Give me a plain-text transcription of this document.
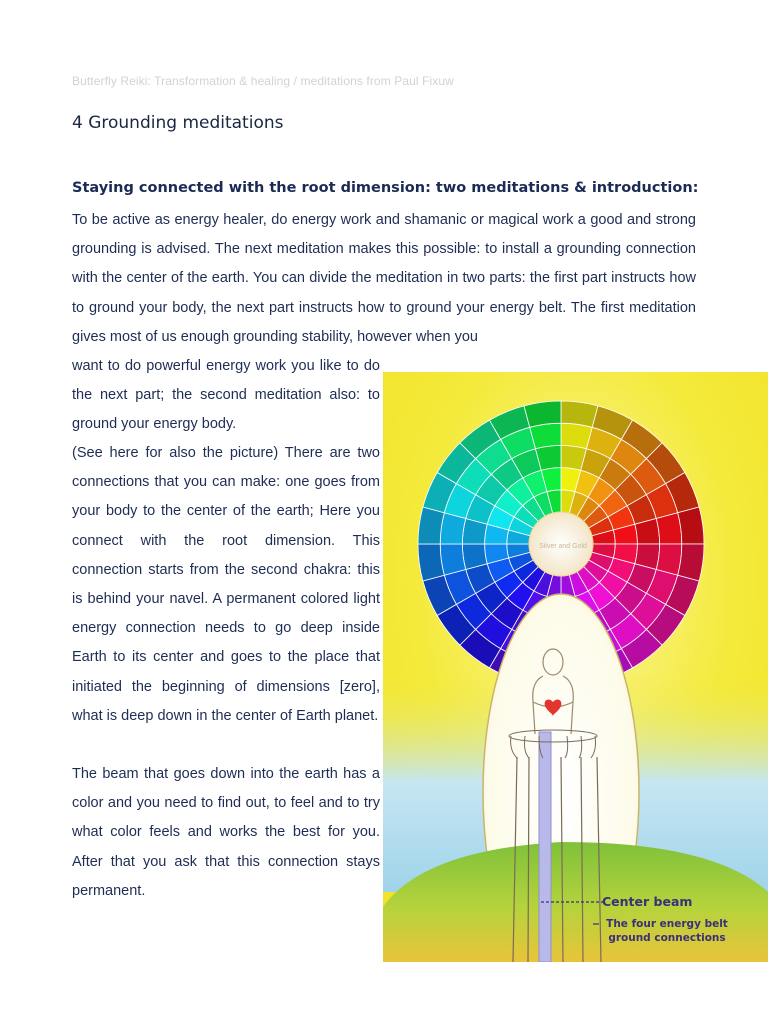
Butterfly Reiki: Transformation & healing / meditations from Paul Fixuw
4 Grounding meditations
Staying connected with the root dimension: two meditations & introduction:

To be active as energy healer, do energy work and shamanic or magical work a good and strong grounding is advised. The next meditation makes this possible: to install a grounding connection with the center of the earth. You can divide the meditation in two parts: the first part instructs how to ground your body, the next part instructs how to ground your energy belt. The first meditation gives most of us enough grounding stability, however when you

want to do powerful energy work you like to do the next part; the second meditation also: to ground your energy body.

(See here for also the picture) There are two connections that you can make: one goes from your body to the center of the earth; Here you connect with the root dimension. This connection starts from the second chakra: this is behind your navel. A permanent colored light energy connection needs to go deep inside Earth to its center and goes to the place that initiated the beginning of dimensions [zero], what is deep down in the center of Earth planet.

The beam that goes down into the earth has a color and you need to find out, to feel and to try what color feels and works the best for you. After that you ask that this connection stays permanent.

Silver and Gold
Center beam
The four energy belt ground connections
